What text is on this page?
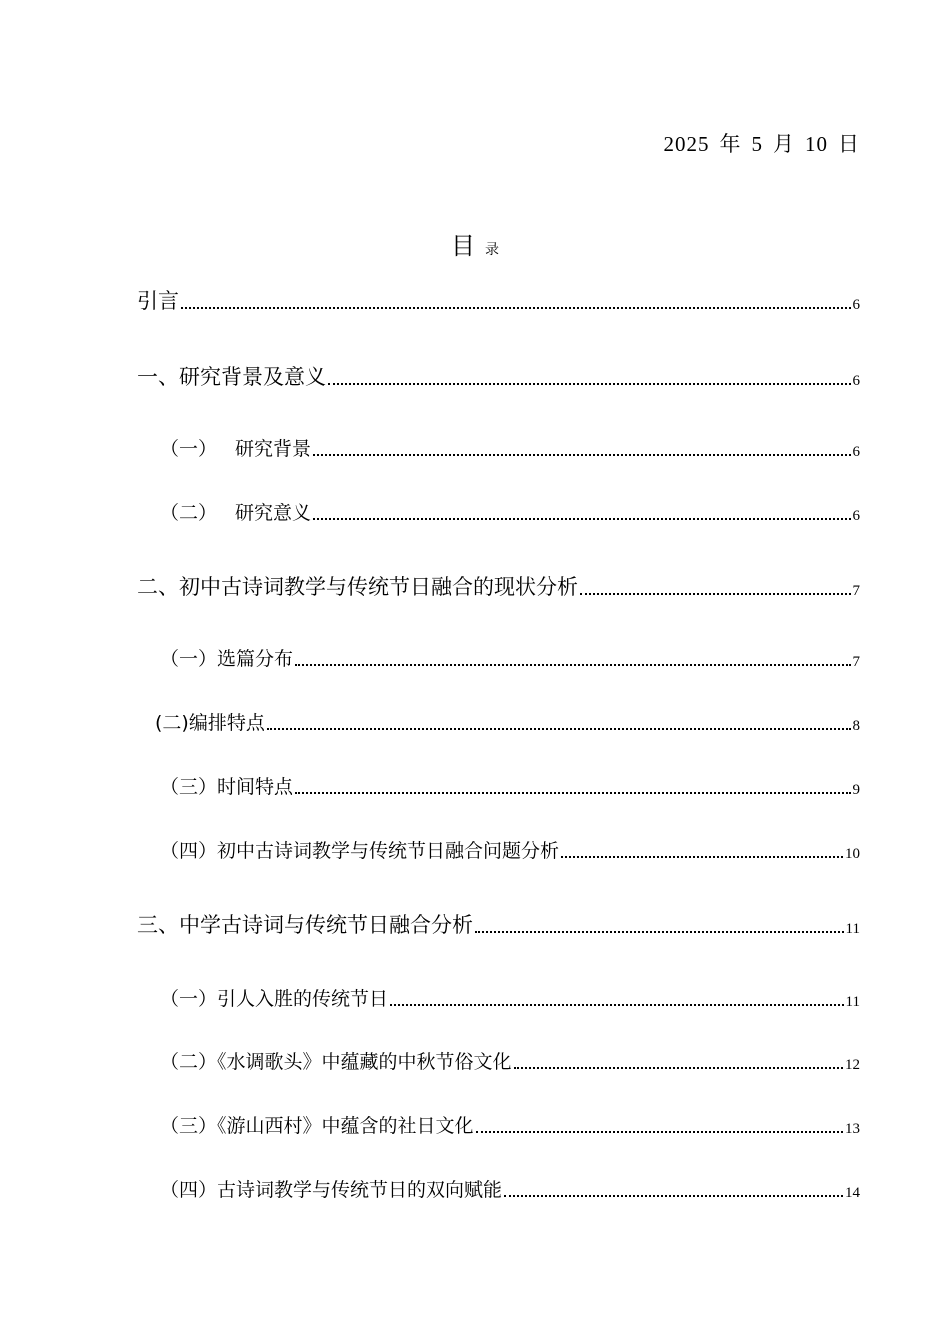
2025 年 5 月 10 日
目录
引言	6
一、研究背景及意义	6
（一） 研究背景	6
（二） 研究意义	6
二、初中古诗词教学与传统节日融合的现状分析	7
（一）选篇分布	7
(二)编排特点	8
（三）时间特点	9
（四）初中古诗词教学与传统节日融合问题分析	10
三、中学古诗词与传统节日融合分析	11
（一）引人入胜的传统节日	11
（二）《水调歌头》中蕴藏的中秋节俗文化	12
（三）《游山西村》中蕴含的社日文化	13
（四）古诗词教学与传统节日的双向赋能	14
